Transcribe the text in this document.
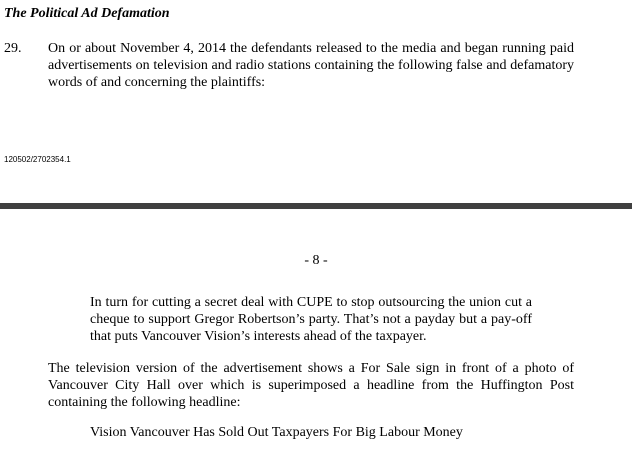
The Political Ad Defamation
29. On or about November 4, 2014 the defendants released to the media and began running paid advertisements on television and radio stations containing the following false and defamatory words of and concerning the plaintiffs:
120502/2702354.1
- 8 -
In turn for cutting a secret deal with CUPE to stop outsourcing the union cut a cheque to support Gregor Robertson’s party. That’s not a payday but a pay-off that puts Vancouver Vision’s interests ahead of the taxpayer.
The television version of the advertisement shows a For Sale sign in front of a photo of Vancouver City Hall over which is superimposed a headline from the Huffington Post containing the following headline:
Vision Vancouver Has Sold Out Taxpayers For Big Labour Money
